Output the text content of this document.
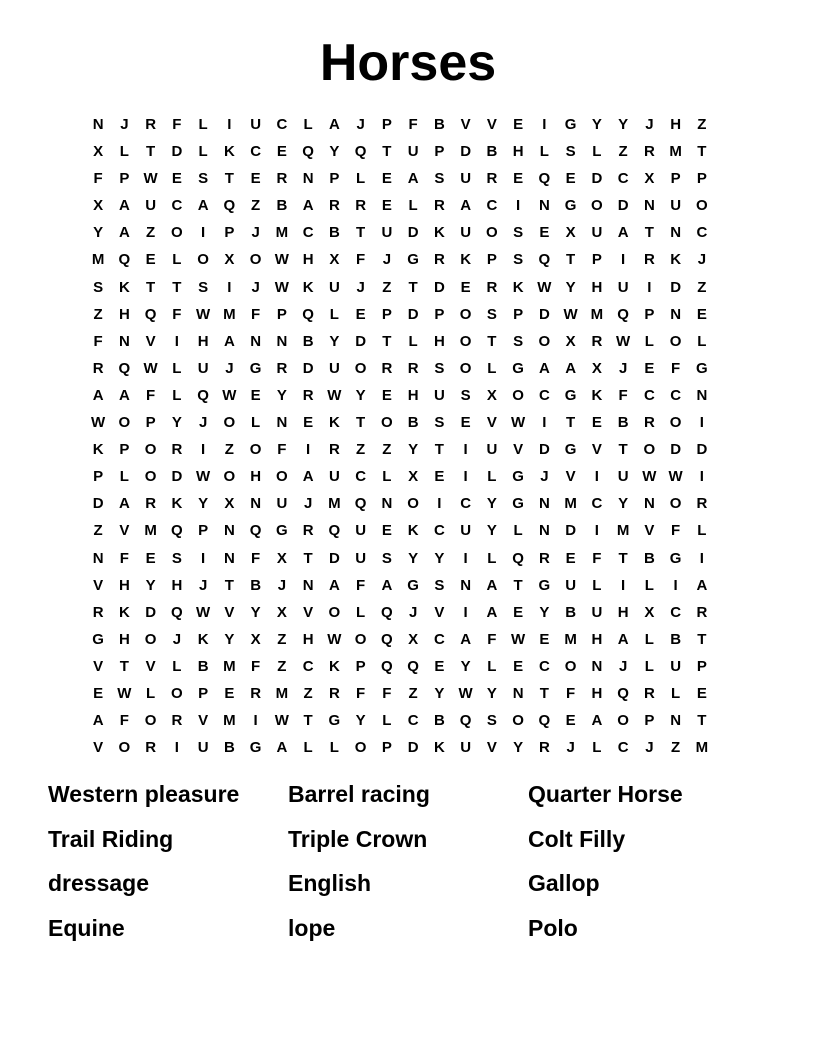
Horses
N	J	R	F	L	I	U	C	L	A	J	P	F	B	V	V	E	I	G	Y	Y	J	H	Z
X	L	T	D	L	K	C	E	Q	Y	Q	T	U	P	D	B	H	L	S	L	Z	R M	T
F	P W E	S	T	E	R	N	P	L	E	A	S	U	R	E	Q	E	D	C	X	P	P
X	A	U	C	A Q	Z	B	A	R	R	E	L	R	A	C	I	N G O	D	N	U O
Y	A	Z	O	I	P	J	M C	B	T	U	D	K	U O	S	E	X	U	A	T	N	C
M Q	E	L	O	X	O W H	X	F	J	G	R	K	P	S	Q	T	P	I	R	K	J
S	K	T	T	S	I	J W K	U	J	Z	T	D	E	R	K W Y	H	U	I	D	Z
Z	H Q	F W M	F	P	Q	L	E	P	D	P	O	S	P	D W M Q	P	N	E
F	N	V	I	H	A	N	N	B	Y	D	T	L	H O	T	S	O	X	R W L	O	L
R Q W L	U	J	G	R	D	U O	R	R	S	O	L	G	A	A	X	J	E	F	G
A	A	F	L	Q W E	Y	R W Y	E	H	U	S	X	O	C G	K	F	C	C	N
W O	P	Y	J	O	L	N	E	K	T	O	B	S	E	V W	I	T	E	B	R O	I
K	P	O	R	I	Z	O	F	I	R	Z	Z	Y	T	I	U	V	D G	V	T	O	D	D
P	L	O	D W O	H O	A	U	C	L	X	E	I	L	G	J	V	I	U W W	I
D	A	R	K	Y	X	N	U	J	M Q	N O	I	C	Y	G	N M C	Y	N O	R
Z	V	M Q	P	N Q G	R Q	U	E	K	C	U	Y	L	N	D	I	M V	F	L
N	F	E	S	I	N	F	X	T	D	U	S	Y	Y	I	L	Q	R	E	F	T	B G	I
V	H	Y	H	J	T	B	J	N	A	F	A G	S	N	A	T	G	U	L	I	L	I	A
R	K	D Q W V	Y	X	V	O	L	Q	J	V	I	A	E	Y	B	U	H	X	C	R
G	H O	J	K	Y	X	Z	H W O Q	X	C	A	F W E	M H	A	L	B	T
V	T	V	L	B M	F	Z	C	K	P	Q Q	E	Y	L	E	C O	N	J	L	U	P
E W L	O	P	E	R M	Z	R	F	F	Z	Y W Y	N	T	F	H Q	R	L	E
A	F	O	R	V	M	I	W T	G	Y	L	C	B Q	S	O Q	E	A O	P	N	T
V	O	R	I	U	B G	A	L	L	O	P	D	K	U	V	Y	R	J	L	C	J	Z	M
Western pleasure	Barrel racing	Quarter Horse
Trail Riding	Triple Crown	Colt Filly
dressage	English	Gallop
Equine	lope	Polo
